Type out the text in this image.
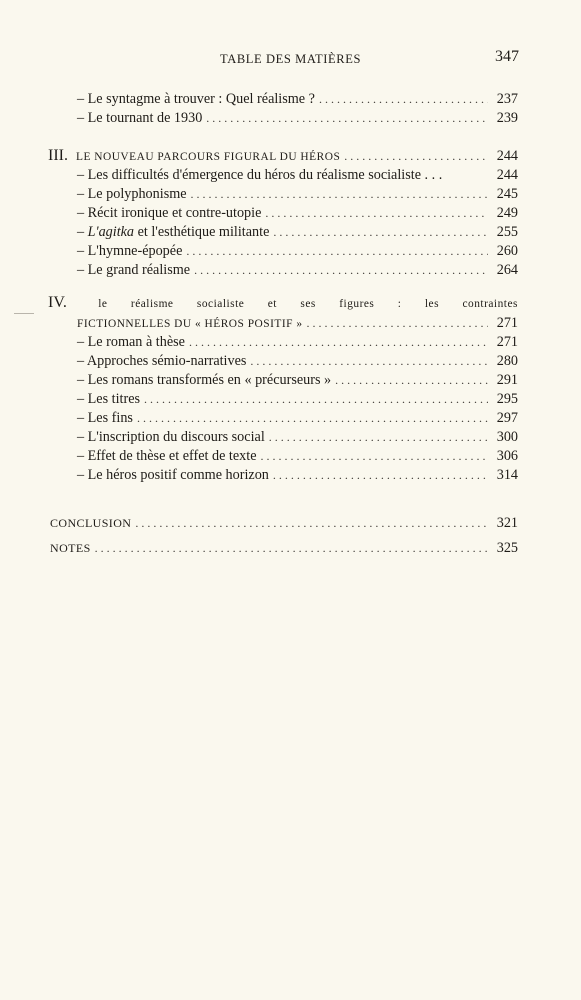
TABLE DES MATIÈRES	347
– Le syntagme à trouver : Quel réalisme ? . . .	237
– Le tournant de 1930 . . .	239
III. LE NOUVEAU PARCOURS FIGURAL DU HÉROS . . .	244
– Les difficultés d'émergence du héros du réalisme socialiste . . .	244
– Le polyphonisme . . .	245
– Récit ironique et contre-utopie . . .	249
– L'agitka et l'esthétique militante . . .	255
– L'hymne-épopée . . .	260
– Le grand réalisme . . .	264
IV.	le réalisme socialiste et ses figures : les contraintes
FICTIONNELLES DU « HÉROS POSITIF » . . .	271
– Le roman à thèse . . .	271
– Approches sémio-narratives . . .	280
– Les romans transformés en « précurseurs » . . .	291
– Les titres . . .	295
– Les fins . . .	297
– L'inscription du discours social . . .	300
– Effet de thèse et effet de texte . . .	306
– Le héros positif comme horizon . . .	314
CONCLUSION . . .	321
NOTES . . .	325
